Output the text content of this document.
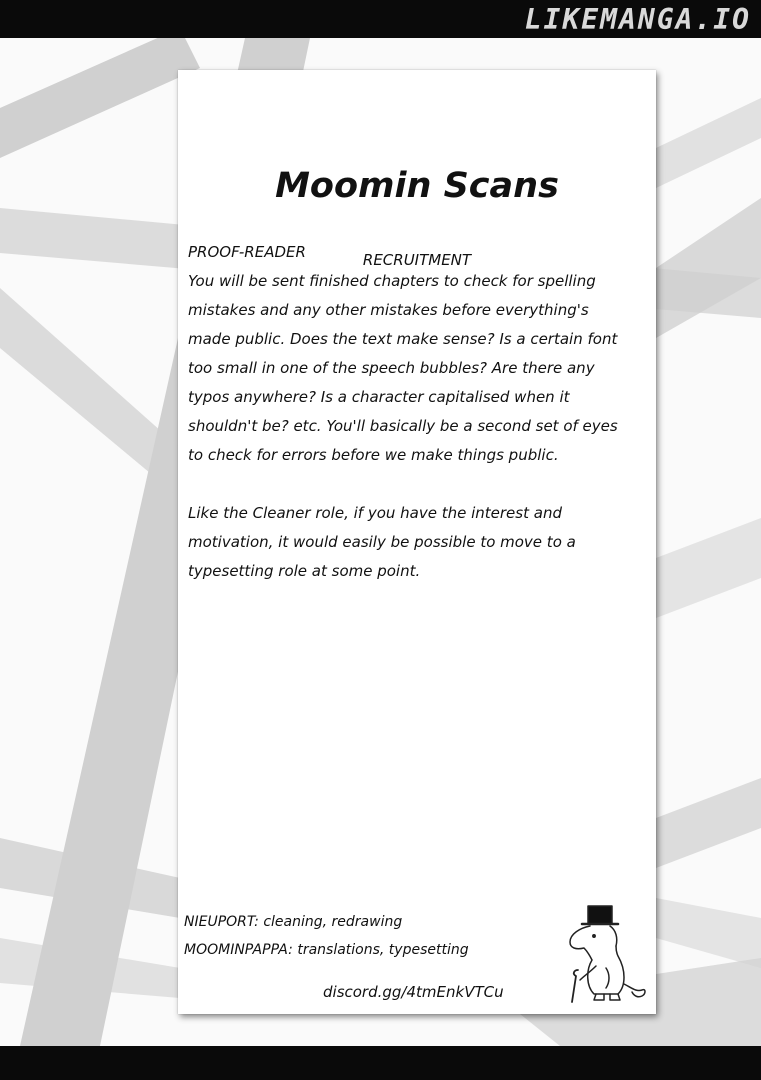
LIKEMANGA.IO
Moomin Scans
RECRUITMENT

PROOF-READER

You will be sent finished chapters to check for spelling
mistakes and any other mistakes before everything's
made public. Does the text make sense? Is a certain font
too small in one of the speech bubbles? Are there any
typos anywhere? Is a character capitalised when it
shouldn't be? etc. You'll basically be a second set of eyes
to check for errors before we make things public.
Like the Cleaner role, if you have the interest and
motivation, it would easily be possible to move to a
typesetting role at some point.
NIEUPORT: cleaning, redrawing
MOOMINPAPPA: translations, typesetting
discord.gg/4tmEnkVTCu
